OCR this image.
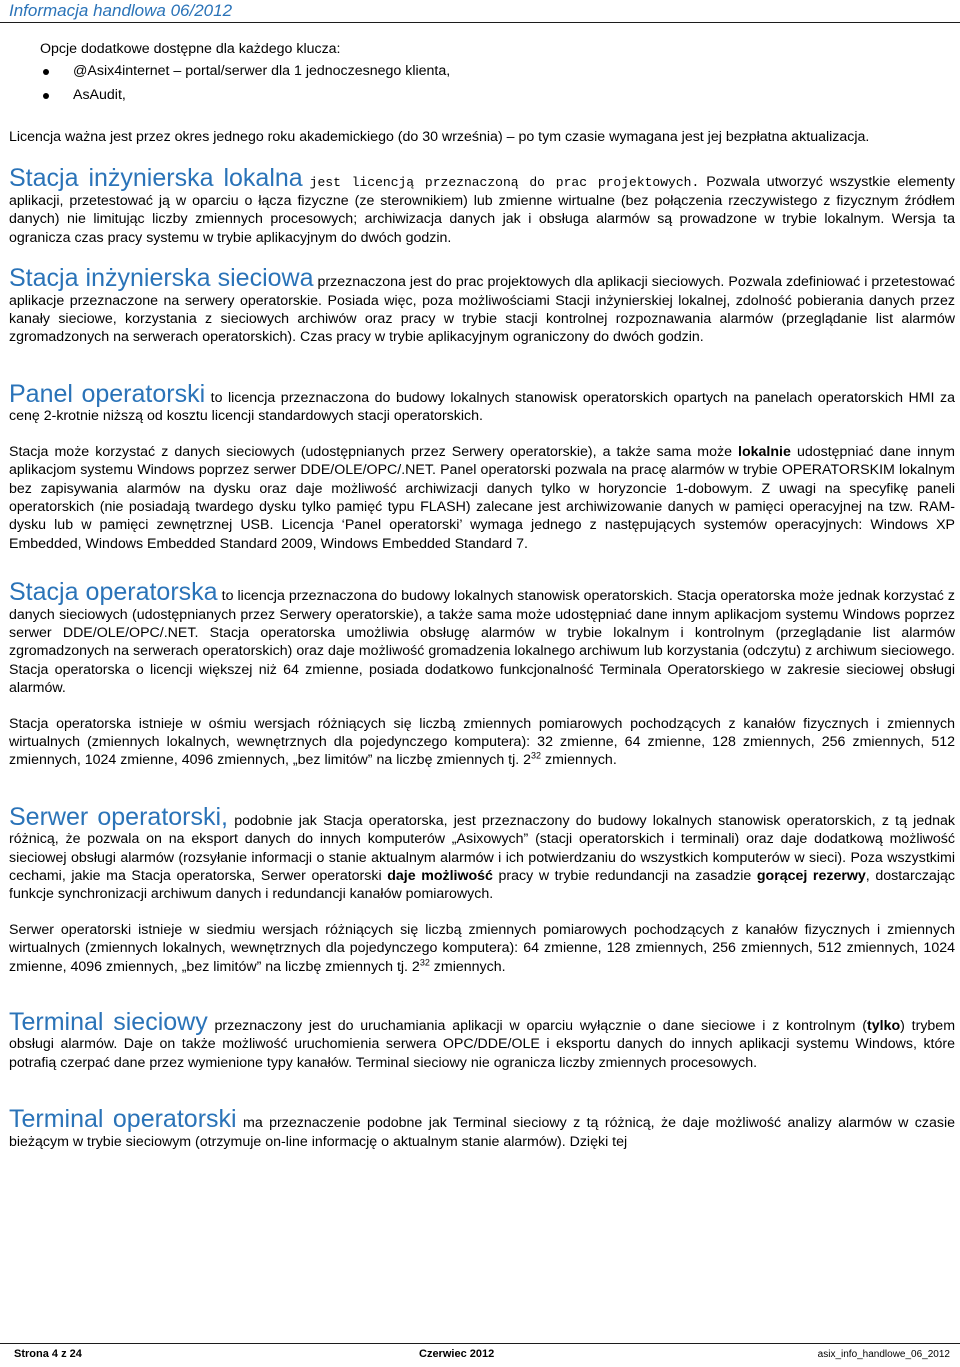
Informacja handlowa 06/2012

Opcje dodatkowe dostępne dla każdego klucza:

@Asix4internet – portal/serwer dla 1 jednoczesnego klienta,
AsAudit,

Licencja ważna jest przez okres jednego roku akademickiego (do 30 września) – po tym czasie wymagana jest jej bezpłatna aktualizacja.

Stacja inżynierska lokalna jest licencją przeznaczoną do prac projektowych. Pozwala utworzyć wszystkie elementy aplikacji, przetestować ją w oparciu o łącza fizyczne (ze sterownikiem) lub zmienne wirtualne (bez połączenia rzeczywistego z fizycznym źródłem danych) nie limitując liczby zmiennych procesowych; archiwizacja danych jak i obsługa alarmów są prowadzone w trybie lokalnym. Wersja ta ogranicza czas pracy systemu w trybie aplikacyjnym do dwóch godzin.

Stacja inżynierska sieciowa przeznaczona jest do prac projektowych dla aplikacji sieciowych. Pozwala zdefiniować i przetestować aplikacje przeznaczone na serwery operatorskie. Posiada więc, poza możliwościami Stacji inżynierskiej lokalnej, zdolność pobierania danych przez kanały sieciowe, korzystania z sieciowych archiwów oraz pracy w trybie stacji kontrolnej rozpoznawania alarmów (przeglądanie list alarmów zgromadzonych na serwerach operatorskich). Czas pracy w trybie aplikacyjnym ograniczony do dwóch godzin.

Panel operatorski to licencja przeznaczona do budowy lokalnych stanowisk operatorskich opartych na panelach operatorskich HMI za cenę 2-krotnie niższą od kosztu licencji standardowych stacji operatorskich.

Stacja może korzystać z danych sieciowych (udostępnianych przez Serwery operatorskie), a także sama może lokalnie udostępniać dane innym aplikacjom systemu Windows poprzez serwer DDE/OLE/OPC/.NET. Panel operatorski pozwala na pracę alarmów w trybie OPERATORSKIM lokalnym bez zapisywania alarmów na dysku oraz daje możliwość archiwizacji danych tylko w horyzoncie 1-dobowym. Z uwagi na specyfikę paneli operatorskich (nie posiadają twardego dysku tylko pamięć typu FLASH) zalecane jest archiwizowanie danych w pamięci operacyjnej na tzw. RAM-dysku lub w pamięci zewnętrznej USB. Licencja ‘Panel operatorski’ wymaga jednego z następujących systemów operacyjnych: Windows XP Embedded, Windows Embedded Standard 2009, Windows Embedded Standard 7.

Stacja operatorska to licencja przeznaczona do budowy lokalnych stanowisk operatorskich. Stacja operatorska może jednak korzystać z danych sieciowych (udostępnianych przez Serwery operatorskie), a także sama może udostępniać dane innym aplikacjom systemu Windows poprzez serwer DDE/OLE/OPC/.NET. Stacja operatorska umożliwia obsługę alarmów w trybie lokalnym i kontrolnym (przeglądanie list alarmów zgromadzonych na serwerach operatorskich) oraz daje możliwość gromadzenia lokalnego archiwum lub korzystania (odczytu) z archiwum sieciowego. Stacja operatorska o licencji większej niż 64 zmienne, posiada dodatkowo funkcjonalność Terminala Operatorskiego w zakresie sieciowej obsługi alarmów.

Stacja operatorska istnieje w ośmiu wersjach różniących się liczbą zmiennych pomiarowych pochodzących z kanałów fizycznych i zmiennych wirtualnych (zmiennych lokalnych, wewnętrznych dla pojedynczego komputera): 32 zmienne, 64 zmienne, 128 zmiennych, 256 zmiennych, 512 zmiennych, 1024 zmienne, 4096 zmiennych, „bez limitów” na liczbę zmiennych tj. $2^{32}$ zmiennych.

Serwer operatorski, podobnie jak Stacja operatorska, jest przeznaczony do budowy lokalnych stanowisk operatorskich, z tą jednak różnicą, że pozwala on na eksport danych do innych komputerów „Asixowych” (stacji operatorskich i terminali) oraz daje dodatkową możliwość sieciowej obsługi alarmów (rozsyłanie informacji o stanie aktualnym alarmów i ich potwierdzaniu do wszystkich komputerów w sieci). Poza wszystkimi cechami, jakie ma Stacja operatorska, Serwer operatorski daje możliwość pracy w trybie redundancji na zasadzie gorącej rezerwy, dostarczając funkcje synchronizacji archiwum danych i redundancji kanałów pomiarowych.

Serwer operatorski istnieje w siedmiu wersjach różniących się liczbą zmiennych pomiarowych pochodzących z kanałów fizycznych i zmiennych wirtualnych (zmiennych lokalnych, wewnętrznych dla pojedynczego komputera): 64 zmienne, 128 zmiennych, 256 zmiennych, 512 zmiennych, 1024 zmienne, 4096 zmiennych, „bez limitów” na liczbę zmiennych tj. $2^{32}$ zmiennych.

Terminal sieciowy przeznaczony jest do uruchamiania aplikacji w oparciu wyłącznie o dane sieciowe i z kontrolnym (tylko) trybem obsługi alarmów. Daje on także możliwość uruchomienia serwera OPC/DDE/OLE i eksportu danych do innych aplikacji systemu Windows, które potrafią czerpać dane przez wymienione typy kanałów. Terminal sieciowy nie ogranicza liczby zmiennych procesowych.

Terminal operatorski ma przeznaczenie podobne jak Terminal sieciowy z tą różnicą, że daje możliwość analizy alarmów w czasie bieżącym w trybie sieciowym (otrzymuje on-line informację o aktualnym stanie alarmów). Dzięki tej

Strona 4 z 24	Czerwiec 2012	asix_info_handlowe_06_2012
